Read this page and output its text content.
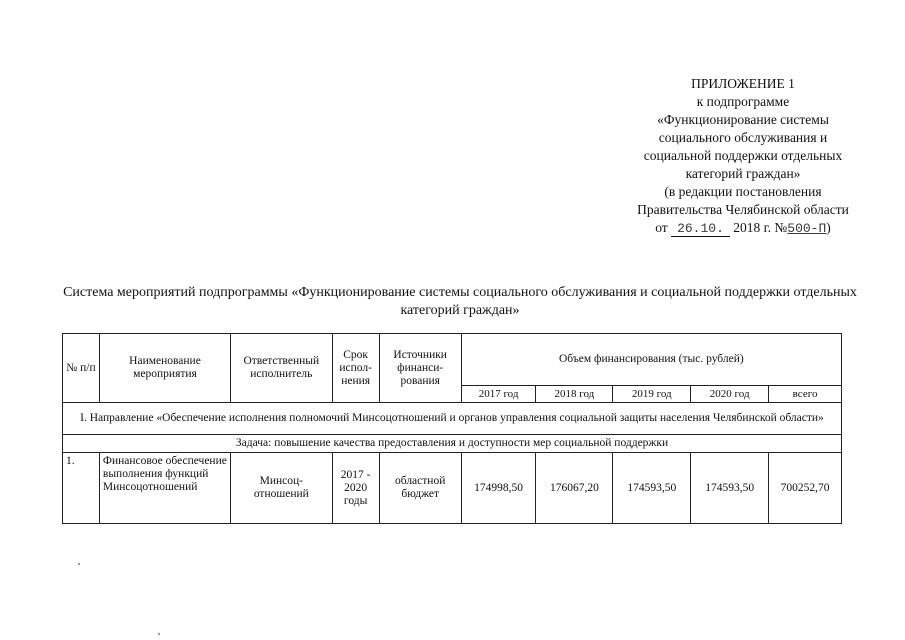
ПРИЛОЖЕНИЕ 1
к подпрограмме
«Функционирование системы
социального обслуживания и
социальной поддержки отдельных
категорий граждан»
(в редакции постановления
Правительства Челябинской области
от 26.10. 2018 г. №500-П)
Система мероприятий подпрограммы «Функционирование системы социального обслуживания и социальной поддержки отдельных категорий граждан»
№ п/п	Наименование мероприятия	Ответственный исполнитель	Срок испол-нения	Источники финанси-рования	Объем финансирования (тыс. рублей)				
					2017 год	2018 год	2019 год	2020 год	всего
I. Направление «Обеспечение исполнения полномочий Минсоцотношений и органов управления социальной защиты населения Челябинской области»									
Задача: повышение качества предоставления и доступности мер социальной поддержки									
1.	Финансовое обеспечение выполнения функций Минсоцотношений	Минсоц-отношений	2017 - 2020 годы	областной бюджет	174998,50	176067,20	174593,50	174593,50	700252,70
